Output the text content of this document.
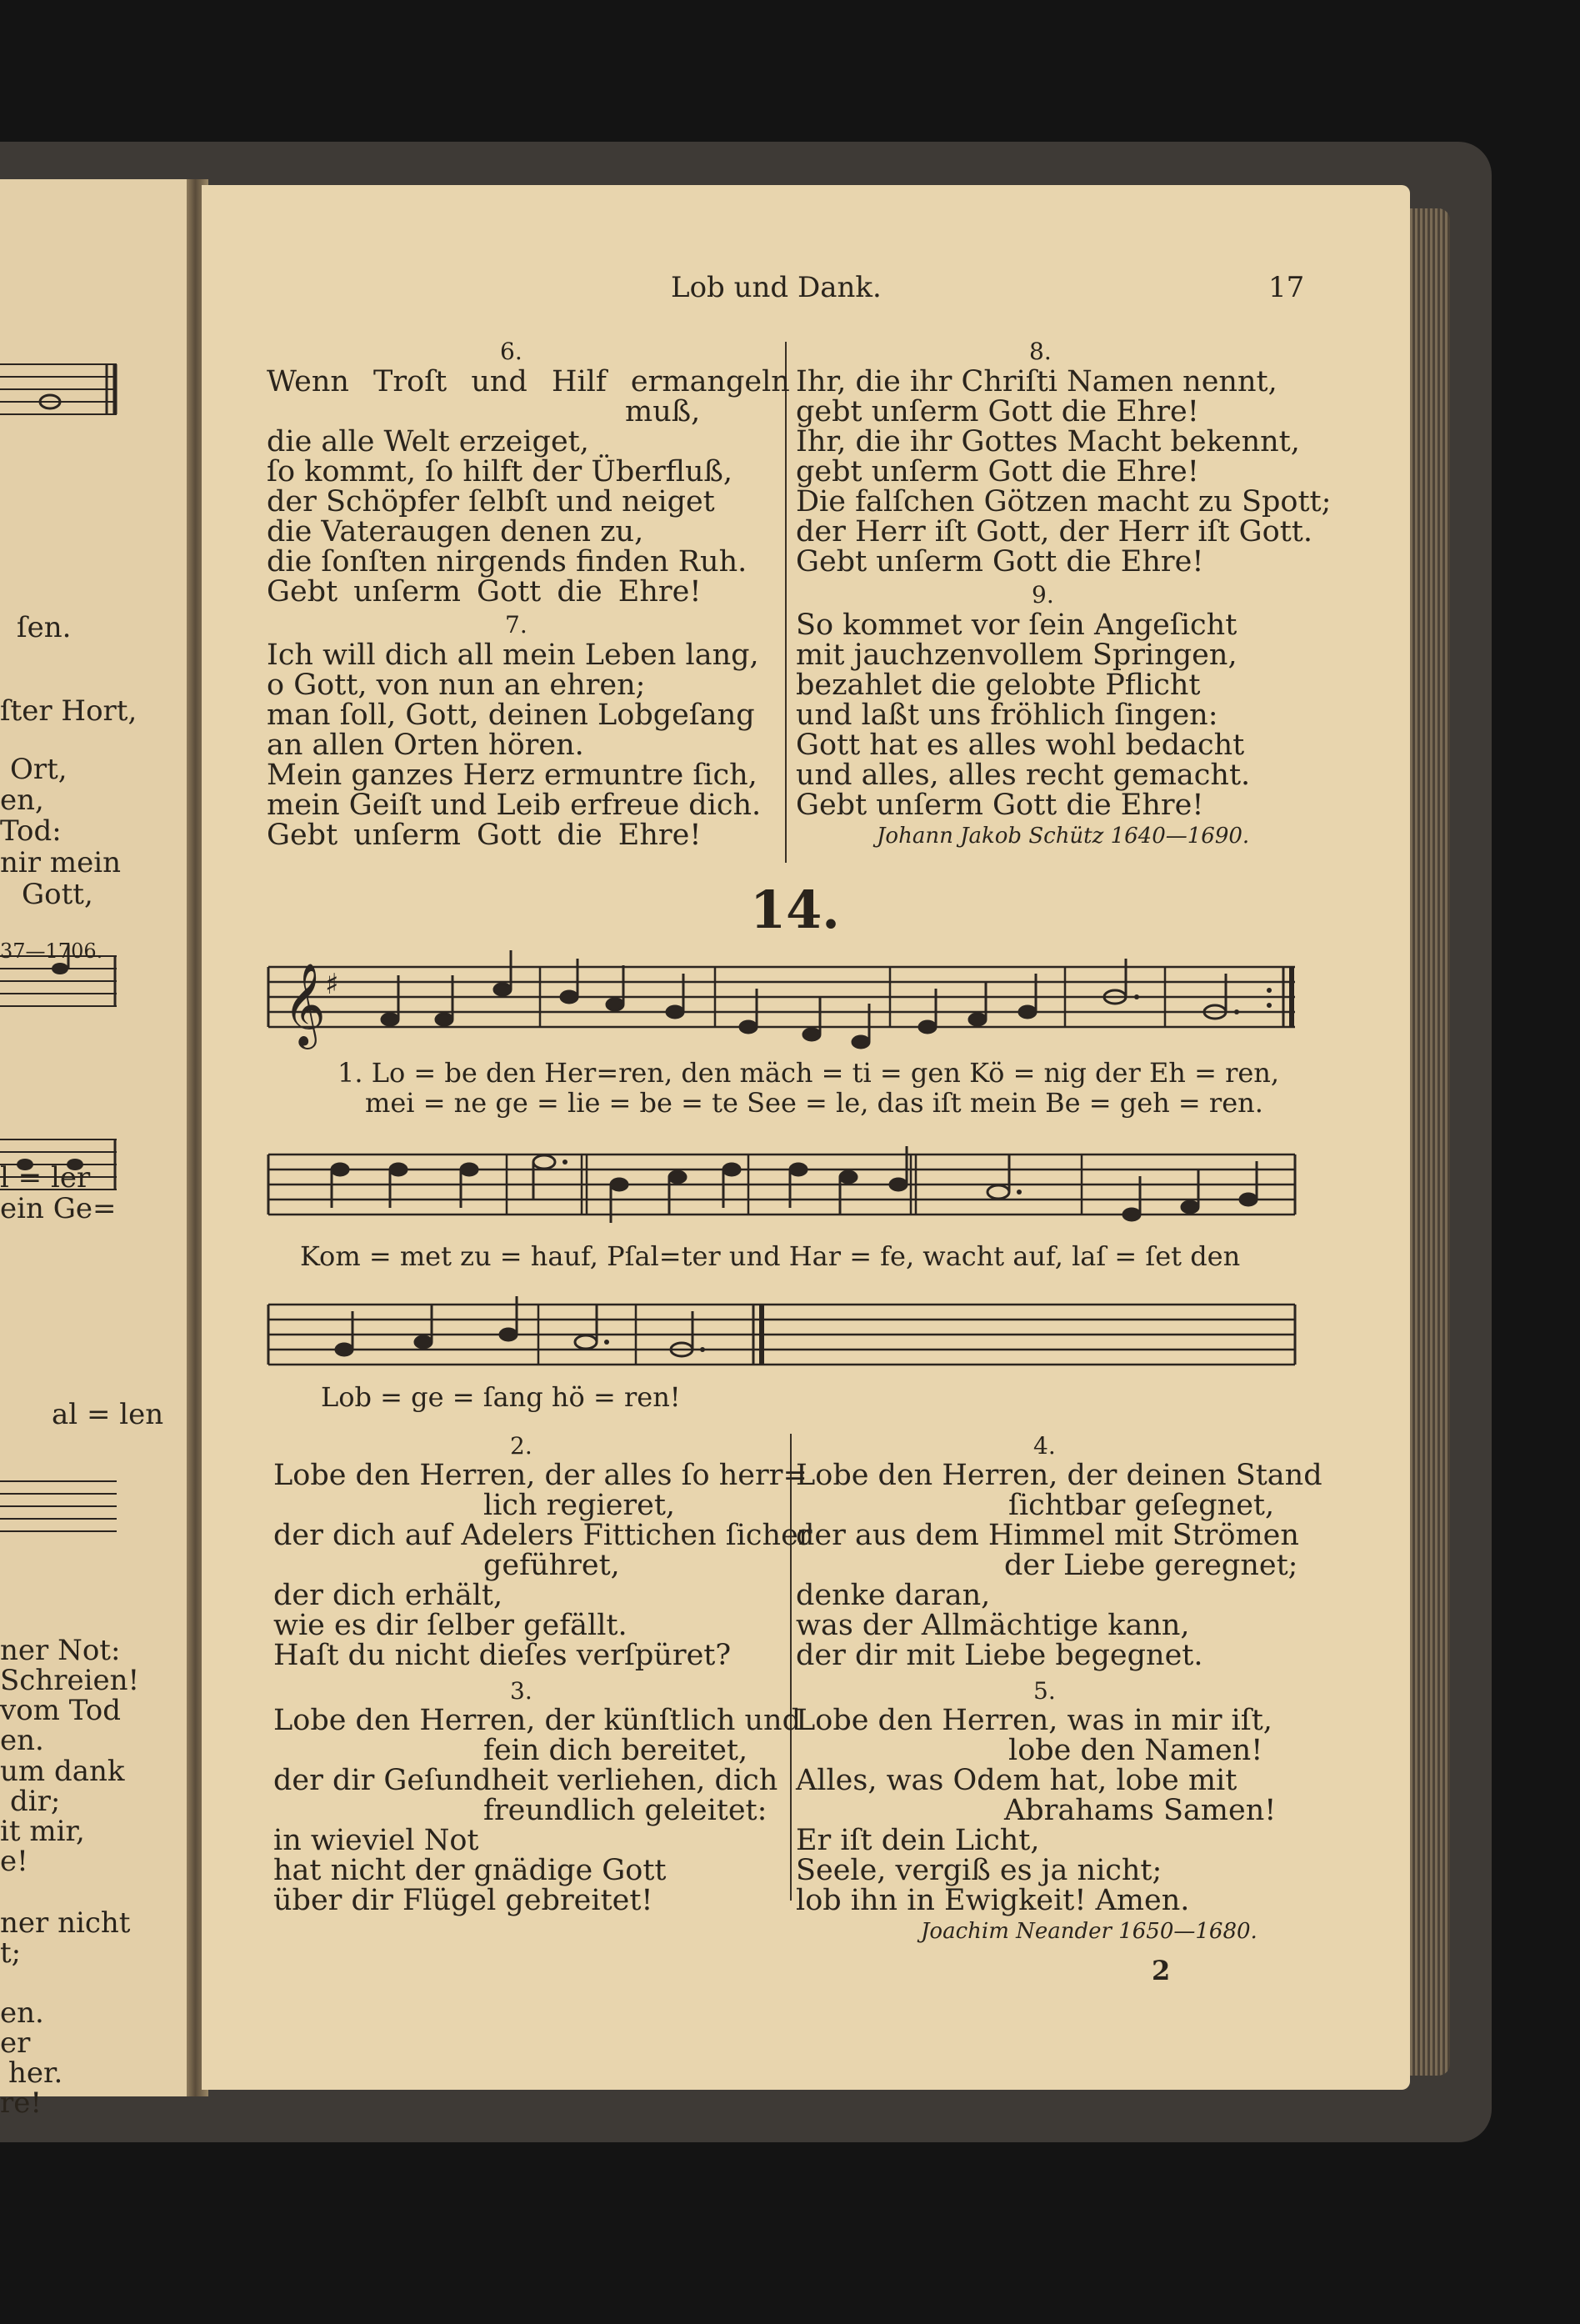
ſen.
ſter Hort,
Ort,
en,
Tod:
nir mein
Gott,
37—1706.
l = ler
ein Ge=
al = len
ner Not:
Schreien!
vom Tod
en.
um dank
dir;
it mir,
e!
ner nicht
t;
en.
er
her.
re!
Lob und Dank.	17
6.
Wenn Troſt und Hilf ermangeln
muß,
die alle Welt erzeiget,
ſo kommt, ſo hilft der Überfluß,
der Schöpfer ſelbſt und neiget
die Vateraugen denen zu,
die ſonſten nirgends finden Ruh.
Gebt unſerm Gott die Ehre!
7.
Ich will dich all mein Leben lang,
o Gott, von nun an ehren;
man ſoll, Gott, deinen Lobgeſang
an allen Orten hören.
Mein ganzes Herz ermuntre ſich,
mein Geiſt und Leib erfreue dich.
Gebt unſerm Gott die Ehre!
8.
Ihr, die ihr Chriſti Namen nennt,
gebt unſerm Gott die Ehre!
Ihr, die ihr Gottes Macht bekennt,
gebt unſerm Gott die Ehre!
Die falſchen Götzen macht zu Spott;
der Herr iſt Gott, der Herr iſt Gott.
Gebt unſerm Gott die Ehre!
9.
So kommet vor ſein Angeſicht
mit jauchzenvollem Springen,
bezahlet die gelobte Pflicht
und laßt uns fröhlich ſingen:
Gott hat es alles wohl bedacht
und alles, alles recht gemacht.
Gebt unſerm Gott die Ehre!
Johann Jakob Schütz 1640—1690.
14.
𝄞 ♯
1. Lo = be den Her=ren, den mäch = ti = gen Kö = nig der Eh = ren,
mei = ne ge = lie = be = te See = le, das iſt mein Be = geh = ren.
Kom = met zu = hauf, Pſal=ter und Har = fe, wacht auf, laſ = ſet den
Lob = ge = ſang hö = ren!
2.
Lobe den Herren, der alles ſo herr=
lich regieret,
der dich auf Adelers Fittichen ſicher
geführet,
der dich erhält,
wie es dir ſelber gefällt.
Haſt du nicht dieſes verſpüret?
3.
Lobe den Herren, der künſtlich und
fein dich bereitet,
der dir Geſundheit verliehen, dich
freundlich geleitet:
in wieviel Not
hat nicht der gnädige Gott
über dir Flügel gebreitet!
4.
Lobe den Herren, der deinen Stand
ſichtbar geſegnet,
der aus dem Himmel mit Strömen
der Liebe geregnet;
denke daran,
was der Allmächtige kann,
der dir mit Liebe begegnet.
5.
Lobe den Herren, was in mir iſt,
lobe den Namen!
Alles, was Odem hat, lobe mit
Abrahams Samen!
Er iſt dein Licht,
Seele, vergiß es ja nicht;
lob ihn in Ewigkeit! Amen.
Joachim Neander 1650—1680.
2
